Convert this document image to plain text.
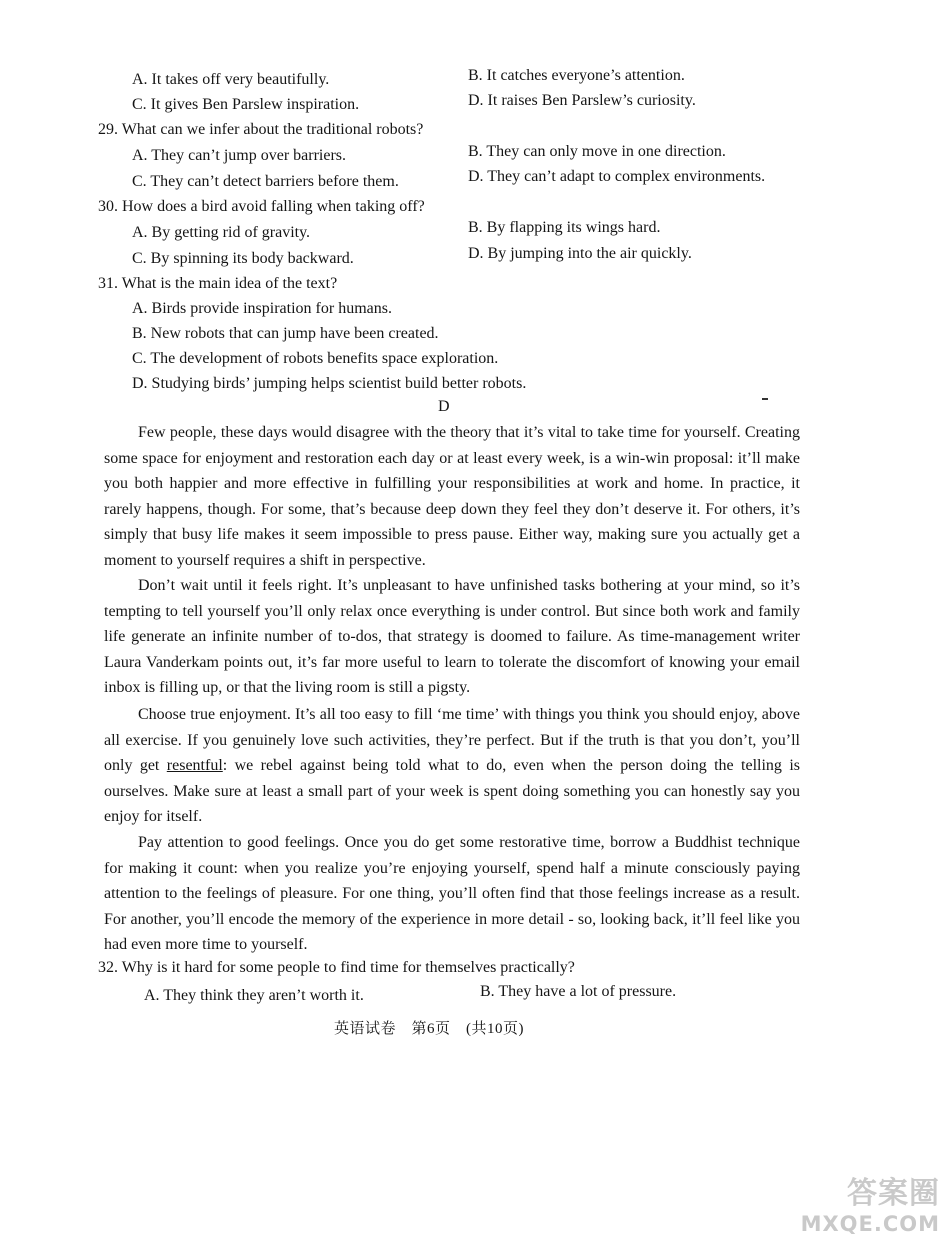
A. It takes off very beautifully.	B. It catches everyone’s attention.
C. It gives Ben Parslew inspiration.	D. It raises Ben Parslew’s curiosity.
29. What can we infer about the traditional robots?
A. They can’t jump over barriers.	B. They can only move in one direction.
C. They can’t detect barriers before them.	D. They can’t adapt to complex environments.
30. How does a bird avoid falling when taking off?
A. By getting rid of gravity.	B. By flapping its wings hard.
C. By spinning its body backward.	D. By jumping into the air quickly.
31. What is the main idea of the text?
A. Birds provide inspiration for humans.
B. New robots that can jump have been created.
C. The development of robots benefits space exploration.
D. Studying birds’ jumping helps scientist build better robots.
D

Few people, these days would disagree with the theory that it’s vital to take time for yourself. Creating some space for enjoyment and restoration each day or at least every week, is a win-win proposal: it’ll make you both happier and more effective in fulfilling your responsibilities at work and home. In practice, it rarely happens, though. For some, that’s because deep down they feel they don’t deserve it. For others, it’s simply that busy life makes it seem impossible to press pause. Either way, making sure you actually get a moment to yourself requires a shift in perspective.

Don’t wait until it feels right. It’s unpleasant to have unfinished tasks bothering at your mind, so it’s tempting to tell yourself you’ll only relax once everything is under control. But since both work and family life generate an infinite number of to-dos, that strategy is doomed to failure. As time-management writer Laura Vanderkam points out, it’s far more useful to learn to tolerate the discomfort of knowing your email inbox is filling up, or that the living room is still a pigsty.

Choose true enjoyment. It’s all too easy to fill ‘me time’ with things you think you should enjoy, above all exercise. If you genuinely love such activities, they’re perfect. But if the truth is that you don’t, you’ll only get resentful: we rebel against being told what to do, even when the person doing the telling is ourselves. Make sure at least a small part of your week is spent doing something you can honestly say you enjoy for itself.

Pay attention to good feelings. Once you do get some restorative time, borrow a Buddhist technique for making it count: when you realize you’re enjoying yourself, spend half a minute consciously paying attention to the feelings of pleasure. For one thing, you’ll often find that those feelings increase as a result. For another, you’ll encode the memory of the experience in more detail - so, looking back, it’ll feel like you had even more time to yourself.

32. Why is it hard for some people to find time for themselves practically?
A. They think they aren’t worth it.	B. They have a lot of pressure.
英语试卷　第6页　(共10页)
答案圈
MXQE.COM
